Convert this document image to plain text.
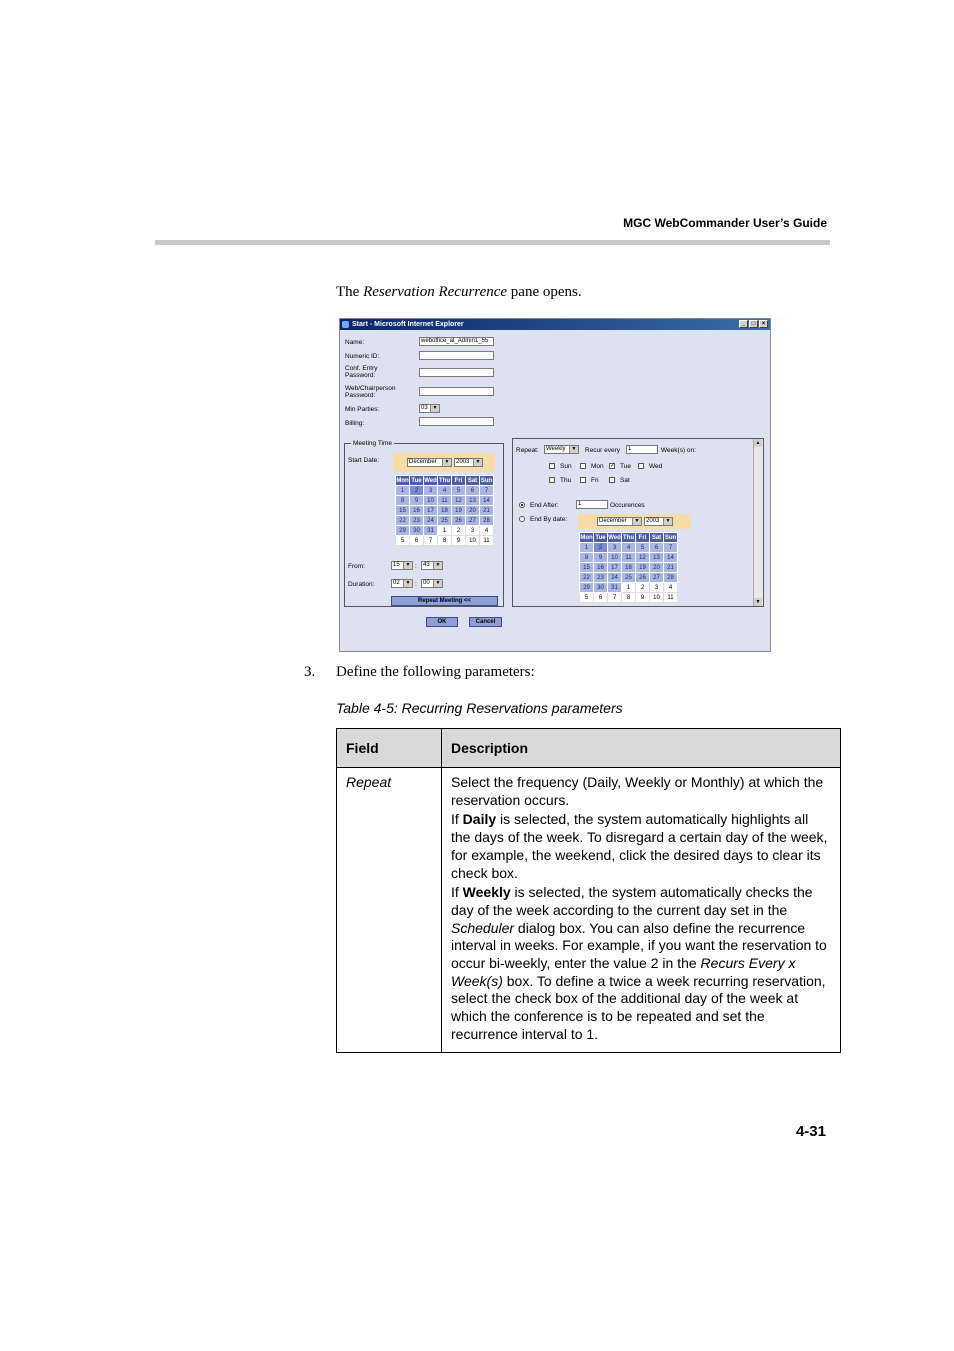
MGC WebCommander User’s Guide
The Reservation Recurrence pane opens.
Start - Microsoft Internet Explorer	_	□	×
Name:	weboffice_at_Admin1_55
Numeric ID:
Conf. Entry Password:
Web/Chairperson Password:
Min Parties:	03 ▼
Billing:
Meeting Time
Start Date:	December	▼	2003	▼
Mon	Tue	Wed	Thu	Fri	Sat	Sun
1	2	3	4	5	6	7
8	9	10	11	12	13	14
15	16	17	18	19	20	21
22	23	24	25	26	27	28
29	30	31	1	2	3	4
5	6	7	8	9	10	11
From:	15	▼ :	43	▼
Duration:	02	▼ :	00	▼
Repeat Meeting <<
▲
▼
Repeat:	Weekly	▼ Recur every	1	Week(s) on:
Sun	Mon ✓ Tue	Wed
Thu	Fri	Sat
End After:	1	Occurences
End By date:	December	▼	2003	▼
Mon	Tue	Wed	Thu	Fri	Sat	Sun
1	2	3	4	5	6	7
8	9	10	11	12	13	14
15	16	17	18	19	20	21
22	23	24	25	26	27	28
29	30	31	1	2	3	4
5	6	7	8	9	10	11
OK	Cancel
3. Define the following parameters:
Table 4-5: Recurring Reservations parameters
Field	Description
Repeat	Select the frequency (Daily, Weekly or Monthly) at which the reservation occurs.

If Daily is selected, the system automatically highlights all the days of the week. To disregard a certain day of the week, for example, the weekend, click the desired days to clear its check box.

If Weekly is selected, the system automatically checks the day of the week according to the current day set in the Scheduler dialog box. You can also define the recurrence interval in weeks. For example, if you want the reservation to occur bi-weekly, enter the value 2 in the Recurs Every x Week(s) box. To define a twice a week recurring reservation, select the check box of the additional day of the week at which the conference is to be repeated and set the recurrence interval to 1.

4-31
